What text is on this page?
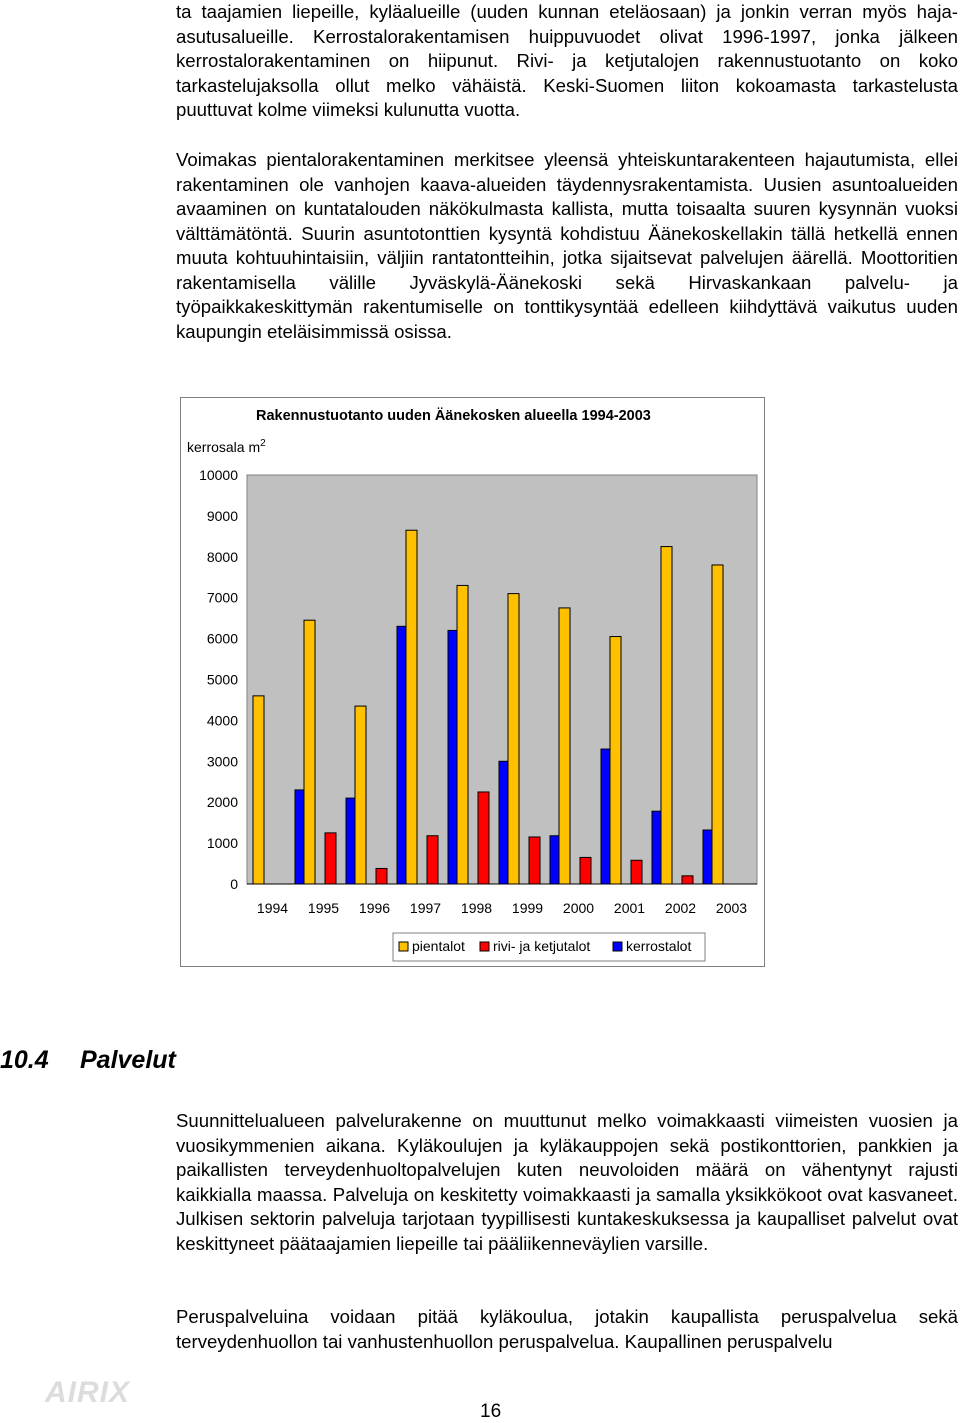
ta taajamien liepeille, kyläalueille (uuden kunnan eteläosaan) ja jonkin verran myös haja-asutusalueille. Kerrostalorakentamisen huippuvuodet olivat 1996-1997, jonka jälkeen kerrostalorakentaminen on hiipunut. Rivi- ja ketjutalojen rakennustuotanto on koko tarkastelujaksolla ollut melko vähäistä. Keski-Suomen liiton kokoamasta tarkastelusta puuttuvat kolme viimeksi kulunutta vuotta.

Voimakas pientalorakentaminen merkitsee yleensä yhteiskuntarakenteen hajautumista, ellei rakentaminen ole vanhojen kaava-alueiden täydennysrakentamista. Uusien asuntoalueiden avaaminen on kuntatalouden näkökulmasta kallista, mutta toisaalta suuren kysynnän vuoksi välttämätöntä. Suurin asuntotonttien kysyntä kohdistuu Äänekoskellakin tällä hetkellä ennen muuta kohtuuhintaisiin, väljiin rantatontteihin, jotka sijaitsevat palvelujen äärellä. Moottoritien rakentamisella välille Jyväskylä-Äänekoski sekä Hirvaskankaan palvelu- ja työpaikkakeskittymän rakentumiselle on tonttikysyntää edelleen kiihdyttävä vaikutus uuden kaupungin eteläisimmissä osissa.

Rakennustuotanto uuden Äänekosken alueella 1994-2003
kerrosala $m^2$
0
1000
2000
3000
4000
5000
6000
7000
8000
9000
10000
1994 1995 1996 1997 1998 1999 2000 2001 2002 2003
pientalot rivi- ja ketjutalot	kerrostalot
10.4 Palvelut

Suunnittelualueen palvelurakenne on muuttunut melko voimakkaasti viimeisten vuosien ja vuosikymmenien aikana. Kyläkoulujen ja kyläkauppojen sekä postikonttorien, pankkien ja paikallisten terveydenhuoltopalvelujen kuten neuvoloiden määrä on vähentynyt rajusti kaikkialla maassa. Palveluja on keskitetty voimakkaasti ja samalla yksikkökoot ovat kasvaneet. Julkisen sektorin palveluja tarjotaan tyypillisesti kuntakeskuksessa ja kaupalliset palvelut ovat keskittyneet päätaajamien liepeille tai pääliikenneväylien varsille.

Peruspalveluina voidaan pitää kyläkoulua, jotakin kaupallista peruspalvelua sekä terveydenhuollon tai vanhustenhuollon peruspalvelua. Kaupallinen peruspalvelu

AIRIX
16
